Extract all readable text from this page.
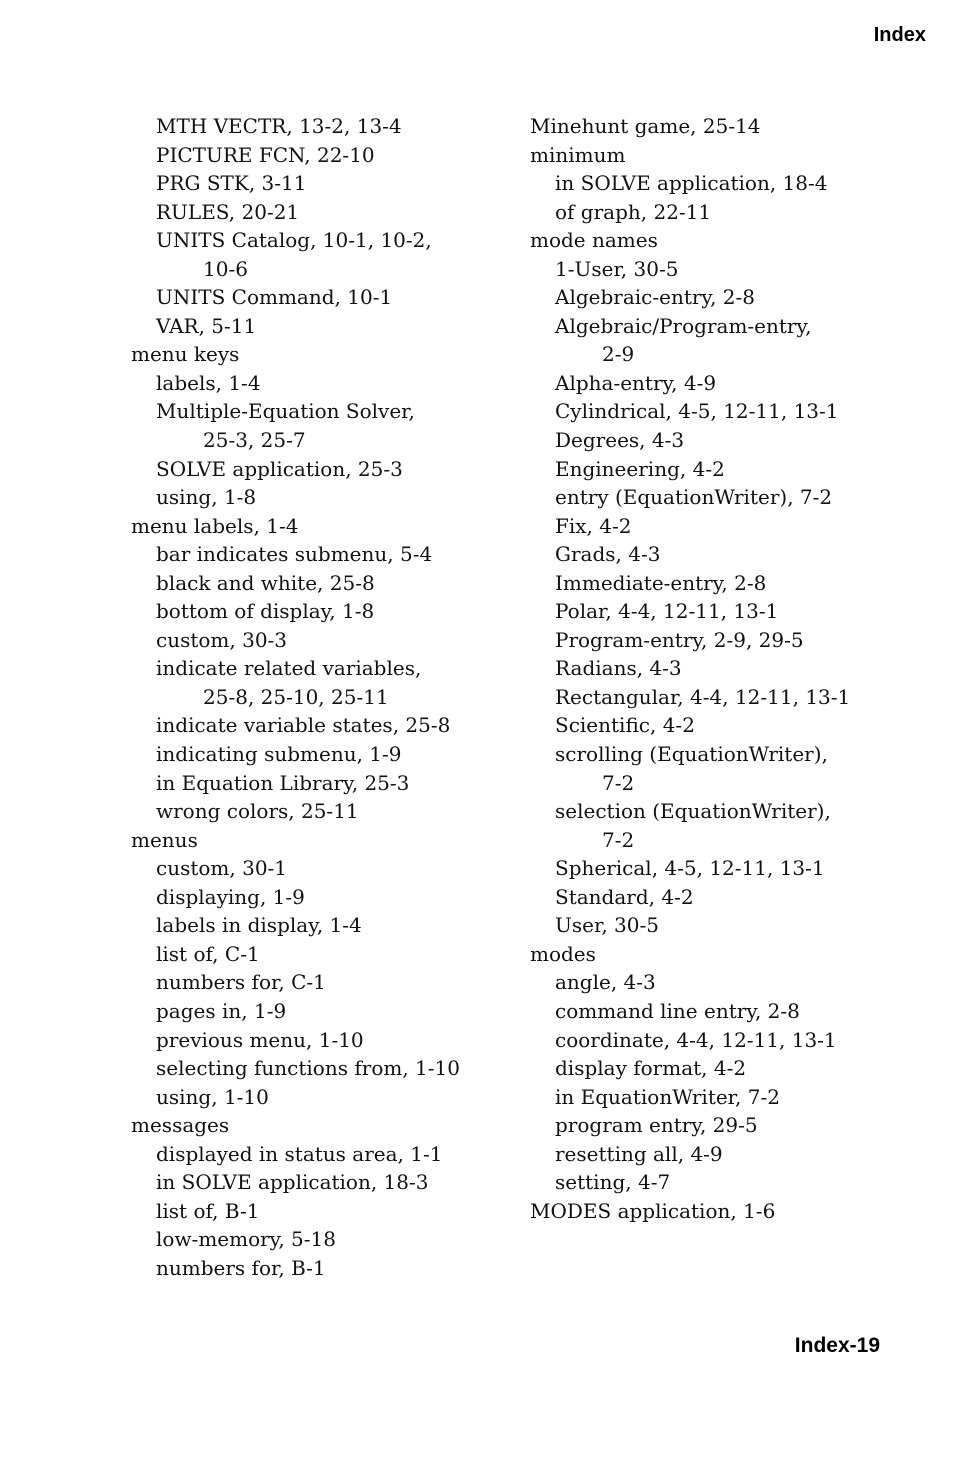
Index
MTH VECTR, 13-2, 13-4
PICTURE FCN, 22-10
PRG STK, 3-11
RULES, 20-21
UNITS Catalog, 10-1, 10-2,
10-6
UNITS Command, 10-1
VAR, 5-11
menu keys
labels, 1-4
Multiple-Equation Solver,
25-3, 25-7
SOLVE application, 25-3
using, 1-8
menu labels, 1-4
bar indicates submenu, 5-4
black and white, 25-8
bottom of display, 1-8
custom, 30-3
indicate related variables,
25-8, 25-10, 25-11
indicate variable states, 25-8
indicating submenu, 1-9
in Equation Library, 25-3
wrong colors, 25-11
menus
custom, 30-1
displaying, 1-9
labels in display, 1-4
list of, C-1
numbers for, C-1
pages in, 1-9
previous menu, 1-10
selecting functions from, 1-10
using, 1-10
messages
displayed in status area, 1-1
in SOLVE application, 18-3
list of, B-1
low-memory, 5-18
numbers for, B-1
Minehunt game, 25-14
minimum
in SOLVE application, 18-4
of graph, 22-11
mode names
1-User, 30-5
Algebraic-entry, 2-8
Algebraic/Program-entry,
2-9
Alpha-entry, 4-9
Cylindrical, 4-5, 12-11, 13-1
Degrees, 4-3
Engineering, 4-2
entry (EquationWriter), 7-2
Fix, 4-2
Grads, 4-3
Immediate-entry, 2-8
Polar, 4-4, 12-11, 13-1
Program-entry, 2-9, 29-5
Radians, 4-3
Rectangular, 4-4, 12-11, 13-1
Scientific, 4-2
scrolling (EquationWriter),
7-2
selection (EquationWriter),
7-2
Spherical, 4-5, 12-11, 13-1
Standard, 4-2
User, 30-5
modes
angle, 4-3
command line entry, 2-8
coordinate, 4-4, 12-11, 13-1
display format, 4-2
in EquationWriter, 7-2
program entry, 29-5
resetting all, 4-9
setting, 4-7
MODES application, 1-6
Index-19
